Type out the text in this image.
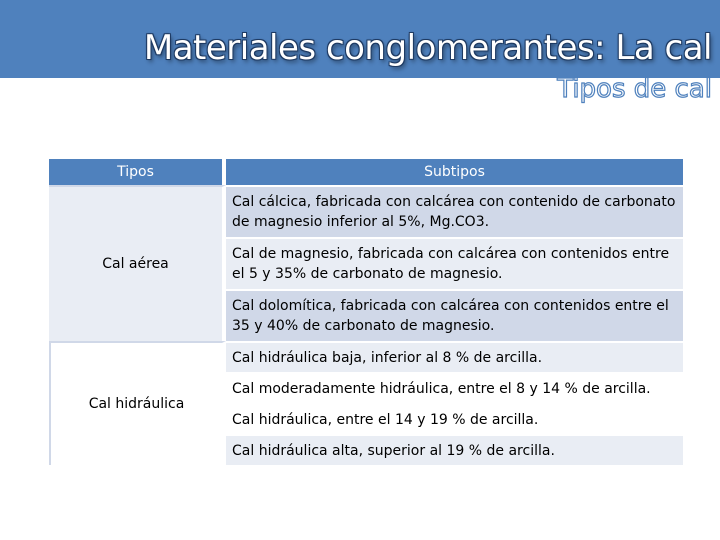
Materiales conglomerantes: La cal
Tipos de cal
Tipos	Subtipos
Cal aérea	Cal cálcica, fabricada con calcárea con contenido de carbonato de magnesio inferior al 5%, Mg.CO3.
	Cal de magnesio, fabricada con calcárea con contenidos entre el 5 y 35% de carbonato de magnesio.
	Cal dolomítica, fabricada con calcárea con contenidos entre el 35 y 40% de carbonato de magnesio.
Cal hidráulica	Cal hidráulica baja, inferior al 8 % de arcilla.
	Cal moderadamente hidráulica, entre el 8 y 14 % de arcilla.
	Cal hidráulica, entre el 14 y 19 % de arcilla.
	Cal hidráulica alta, superior al 19 % de arcilla.
